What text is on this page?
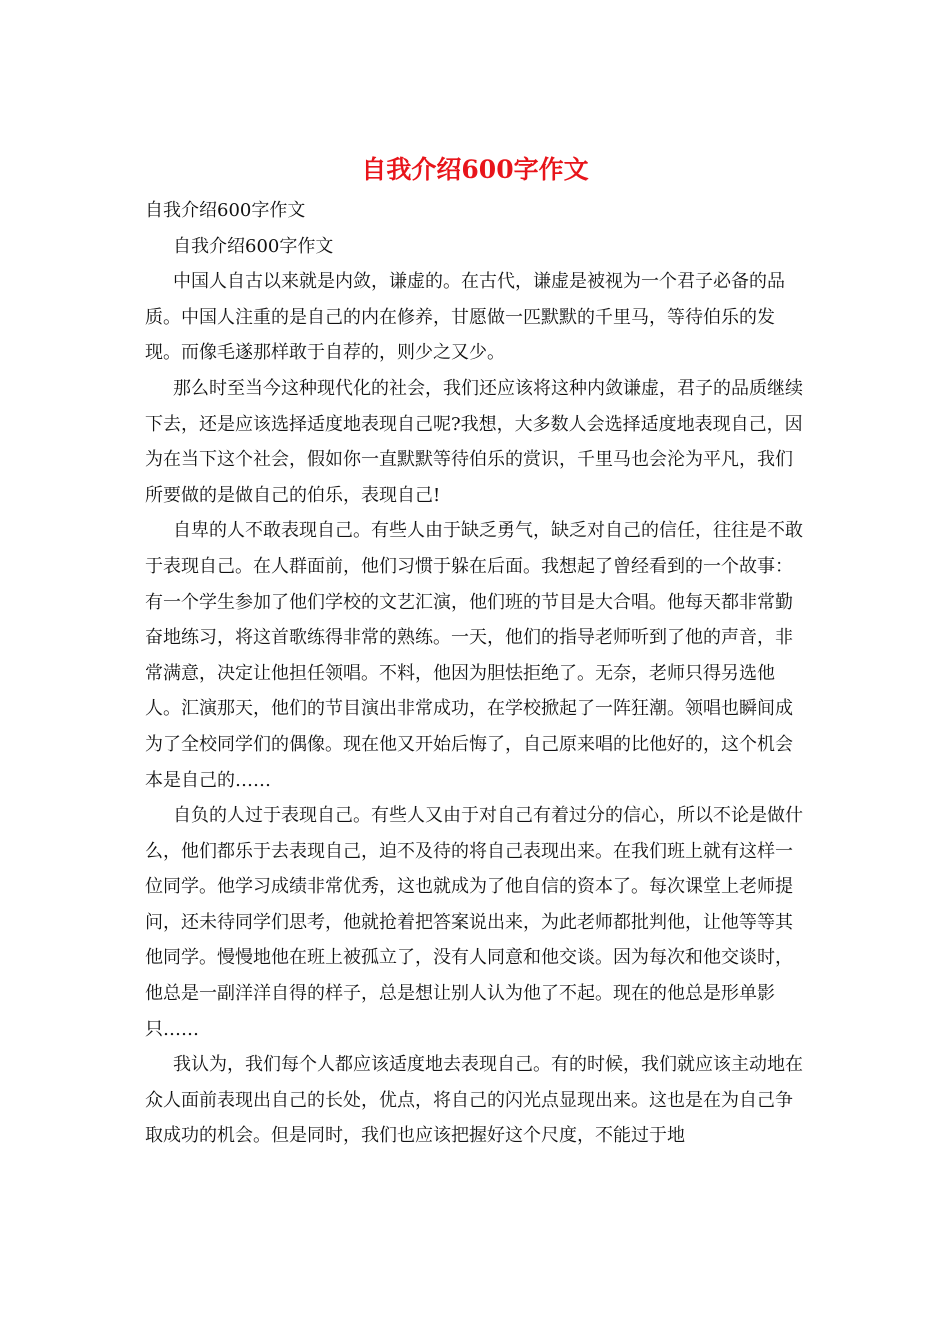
自我介绍600字作文
自我介绍600字作文

自我介绍600字作文

中国人自古以来就是内敛，谦虚的。在古代，谦虚是被视为一个君子必备的品质。中国人注重的是自己的内在修养，甘愿做一匹默默的千里马，等待伯乐的发现。而像毛遂那样敢于自荐的，则少之又少。

那么时至当今这种现代化的社会，我们还应该将这种内敛谦虚，君子的品质继续下去，还是应该选择适度地表现自己呢?我想，大多数人会选择适度地表现自己，因为在当下这个社会，假如你一直默默等待伯乐的赏识，千里马也会沦为平凡，我们所要做的是做自己的伯乐，表现自己!

自卑的人不敢表现自己。有些人由于缺乏勇气，缺乏对自己的信任，往往是不敢于表现自己。在人群面前，他们习惯于躲在后面。我想起了曾经看到的一个故事：有一个学生参加了他们学校的文艺汇演，他们班的节目是大合唱。他每天都非常勤奋地练习，将这首歌练得非常的熟练。一天，他们的指导老师听到了他的声音，非常满意，决定让他担任领唱。不料，他因为胆怯拒绝了。无奈，老师只得另选他人。汇演那天，他们的节目演出非常成功，在学校掀起了一阵狂潮。领唱也瞬间成为了全校同学们的偶像。现在他又开始后悔了，自己原来唱的比他好的，这个机会本是自己的……

自负的人过于表现自己。有些人又由于对自己有着过分的信心，所以不论是做什么，他们都乐于去表现自己，迫不及待的将自己表现出来。在我们班上就有这样一位同学。他学习成绩非常优秀，这也就成为了他自信的资本了。每次课堂上老师提问，还未待同学们思考，他就抢着把答案说出来，为此老师都批判他，让他等等其他同学。慢慢地他在班上被孤立了，没有人同意和他交谈。因为每次和他交谈时，他总是一副洋洋自得的样子，总是想让别人认为他了不起。现在的他总是形单影只……

我认为，我们每个人都应该适度地去表现自己。有的时候，我们就应该主动地在众人面前表现出自己的长处，优点，将自己的闪光点显现出来。这也是在为自己争取成功的机会。但是同时，我们也应该把握好这个尺度，不能过于地
